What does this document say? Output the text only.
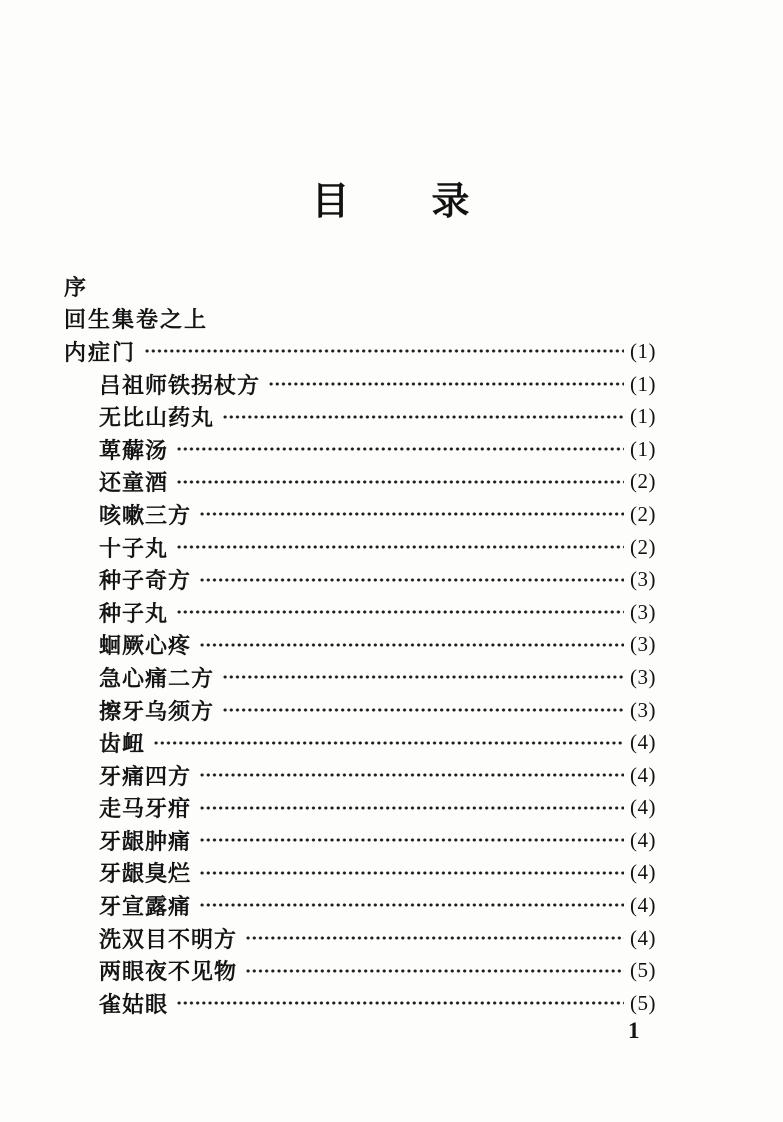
目　　录
序
回生集卷之上
内症门	(1)
吕祖师铁拐杖方	(1)
无比山药丸	(1)
萆薢汤	(1)
还童酒	(2)
咳嗽三方	(2)
十子丸	(2)
种子奇方	(3)
种子丸	(3)
蛔厥心疼	(3)
急心痛二方	(3)
擦牙乌须方	(3)
齿衄	(4)
牙痛四方	(4)
走马牙疳	(4)
牙龈肿痛	(4)
牙龈臭烂	(4)
牙宣露痛	(4)
洗双目不明方	(4)
两眼夜不见物	(5)
雀姑眼	(5)
1
